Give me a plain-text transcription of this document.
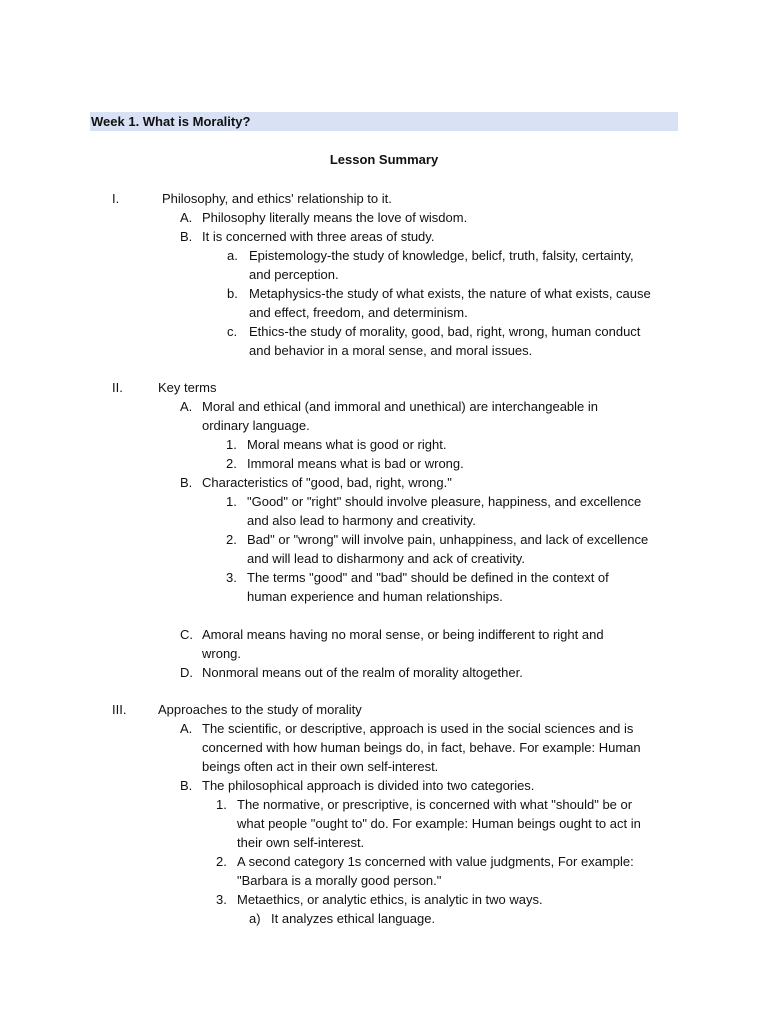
Week 1. What is Morality?
Lesson Summary
I.	Philosophy, and ethics' relationship to it.
A. Philosophy literally means the love of wisdom.
B. It is concerned with three areas of study.
a. Epistemology-the study of knowledge, belicf, truth, falsity, certainty,
and perception.
b. Metaphysics-the study of what exists, the nature of what exists, cause
and effect, freedom, and determinism.
c. Ethics-the study of morality, good, bad, right, wrong, human conduct
and behavior in a moral sense, and moral issues.
II.	Key terms
A. Moral and ethical (and immoral and unethical) are interchangeable in
ordinary language.
1. Moral means what is good or right.
2. Immoral means what is bad or wrong.
B. Characteristics of "good, bad, right, wrong."
1. "Good" or "right" should involve pleasure, happiness, and excellence
and also lead to harmony and creativity.
2. Bad" or "wrong" will involve pain, unhappiness, and lack of excellence
and will lead to disharmony and ack of creativity.
3. The terms "good" and "bad" should be defined in the context of
human experience and human relationships.
C. Amoral means having no moral sense, or being indifferent to right and
wrong.
D. Nonmoral means out of the realm of morality altogether.
III. Approaches to the study of morality
A. The scientific, or descriptive, approach is used in the social sciences and is
concerned with how human beings do, in fact, behave. For example: Human
beings often act in their own self-interest.
B. The philosophical approach is divided into two categories.
1. The normative, or prescriptive, is concerned with what "should" be or
what people "ought to" do. For example: Human beings ought to act in
their own self-interest.
2. A second category 1s concerned with value judgments, For example:
"Barbara is a morally good person."
3. Metaethics, or analytic ethics, is analytic in two ways.
a) It analyzes ethical language.
